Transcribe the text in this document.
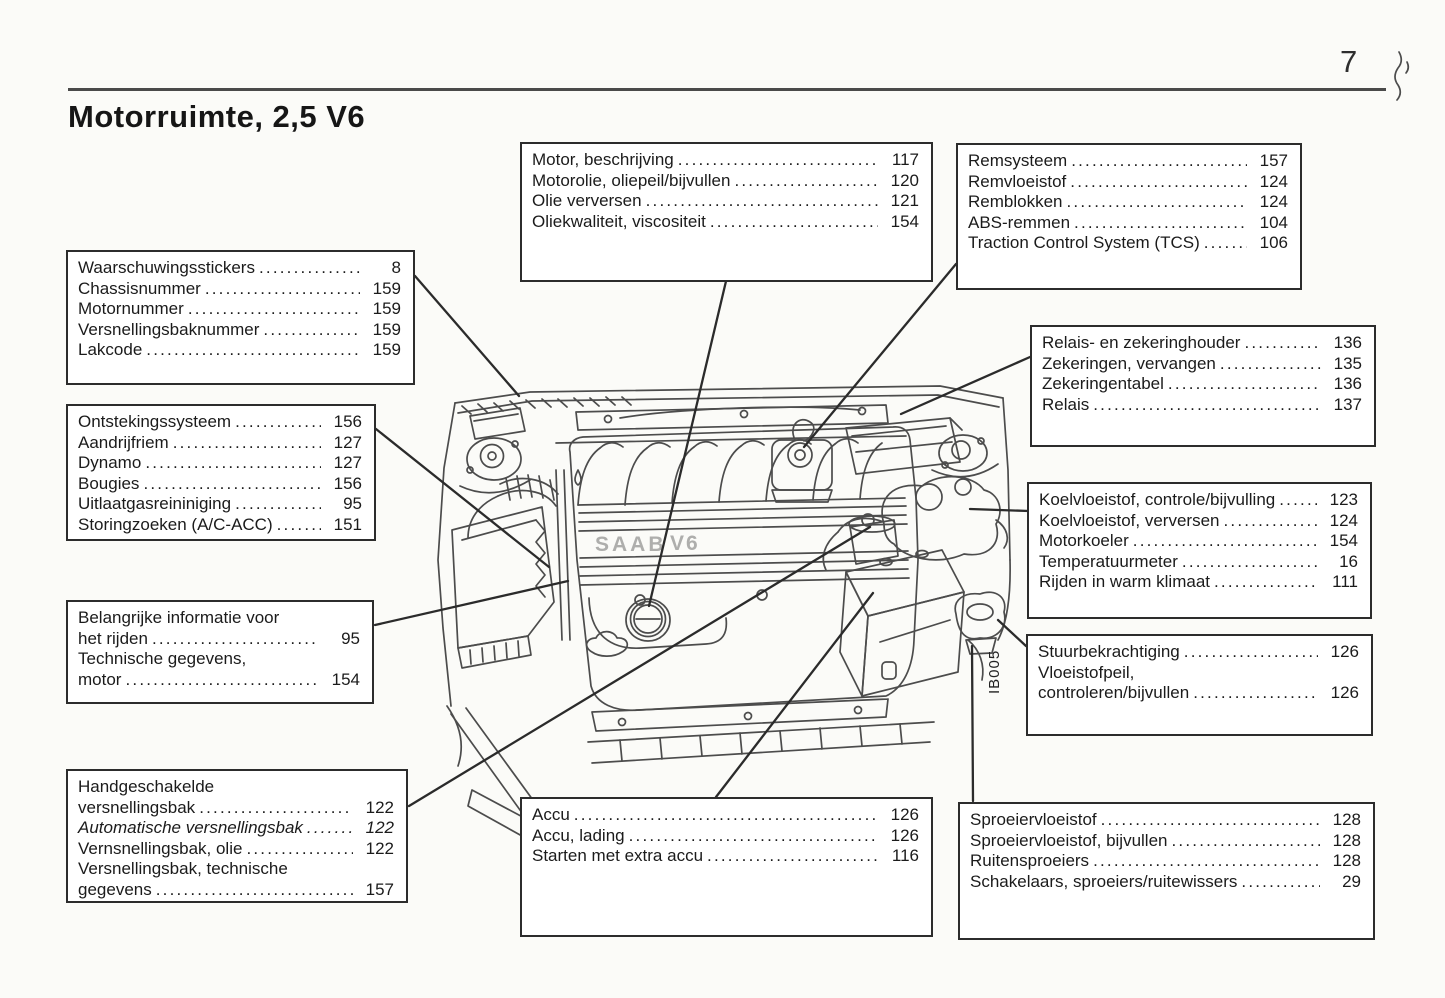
SAAB V6
IB005
7
Motorruimte, 2,5 V6
Motor, beschrijving .....	117
Motorolie, oliepeil/bijvullen .....	120
Olie verversen .....	121
Oliekwaliteit, viscositeit .....	154
Remsysteem .....	157
Remvloeistof .....	124
Remblokken .....	124
ABS-remmen .....	104
Traction Control System (TCS) .....	106
Waarschuwingsstickers .....	8
Chassisnummer .....	159
Motornummer .....	159
Versnellingsbaknummer .....	159
Lakcode .....	159
Ontstekingssysteem .....	156
Aandrijfriem .....	127
Dynamo .....	127
Bougies .....	156
Uitlaatgasreininiging .....	95
Storingzoeken (A/C-ACC) .....	151
Relais- en zekeringhouder .....	136
Zekeringen, vervangen .....	135
Zekeringentabel .....	136
Relais .....	137
Koelvloeistof, controle/bijvulling .....	123
Koelvloeistof, verversen .....	124
Motorkoeler .....	154
Temperatuurmeter .....	16
Rijden in warm klimaat .....	111
Belangrijke informatie voor
het rijden .....	95
Technische gegevens,
motor .....	154
Stuurbekrachtiging .....	126
Vloeistofpeil,
controleren/bijvullen .....	126
Handgeschakelde
versnellingsbak .....	122
Automatische versnellingsbak .....	122
Vernsnellingsbak, olie .....	122
Versnellingsbak, technische
gegevens .....	157
Accu .....	126
Accu, lading .....	126
Starten met extra accu .....	116
Sproeiervloeistof .....	128
Sproeiervloeistof, bijvullen .....	128
Ruitensproeiers .....	128
Schakelaars, sproeiers/ruitewissers .....	29
